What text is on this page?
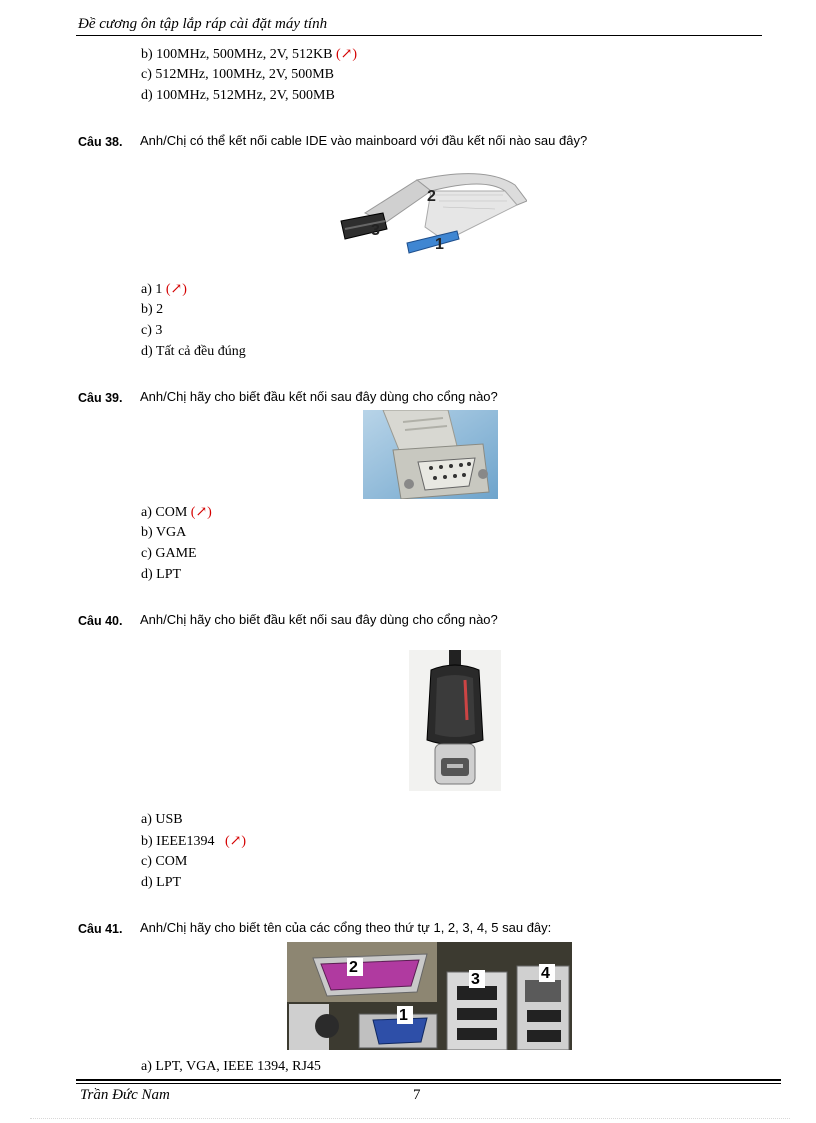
Đề cương ôn tập lắp ráp cài đặt máy tính
b) 100MHz, 500MHz, 2V, 512KB (↗)
c) 512MHz, 100MHz, 2V, 500MB
d) 100MHz, 512MHz, 2V, 500MB
Câu 38. Anh/Chị có thể kết nối cable IDE vào mainboard với đầu kết nối nào sau đây?
2
3
1
a) 1 (↗)
b) 2
c) 3
d) Tất cả đều đúng
Câu 39. Anh/Chị hãy cho biết đầu kết nối sau đây dùng cho cổng nào?
a) COM (↗)
b) VGA
c) GAME
d) LPT
Câu 40. Anh/Chị hãy cho biết đầu kết nối sau đây dùng cho cổng nào?
a) USB
b) IEEE1394   (↗)
c) COM
d) LPT
Câu 41. Anh/Chị hãy cho biết tên của các cổng theo thứ tự 1, 2, 3, 4, 5 sau đây:
2
3	4
1
a) LPT, VGA, IEEE 1394, RJ45
Trần Đức Nam	7
